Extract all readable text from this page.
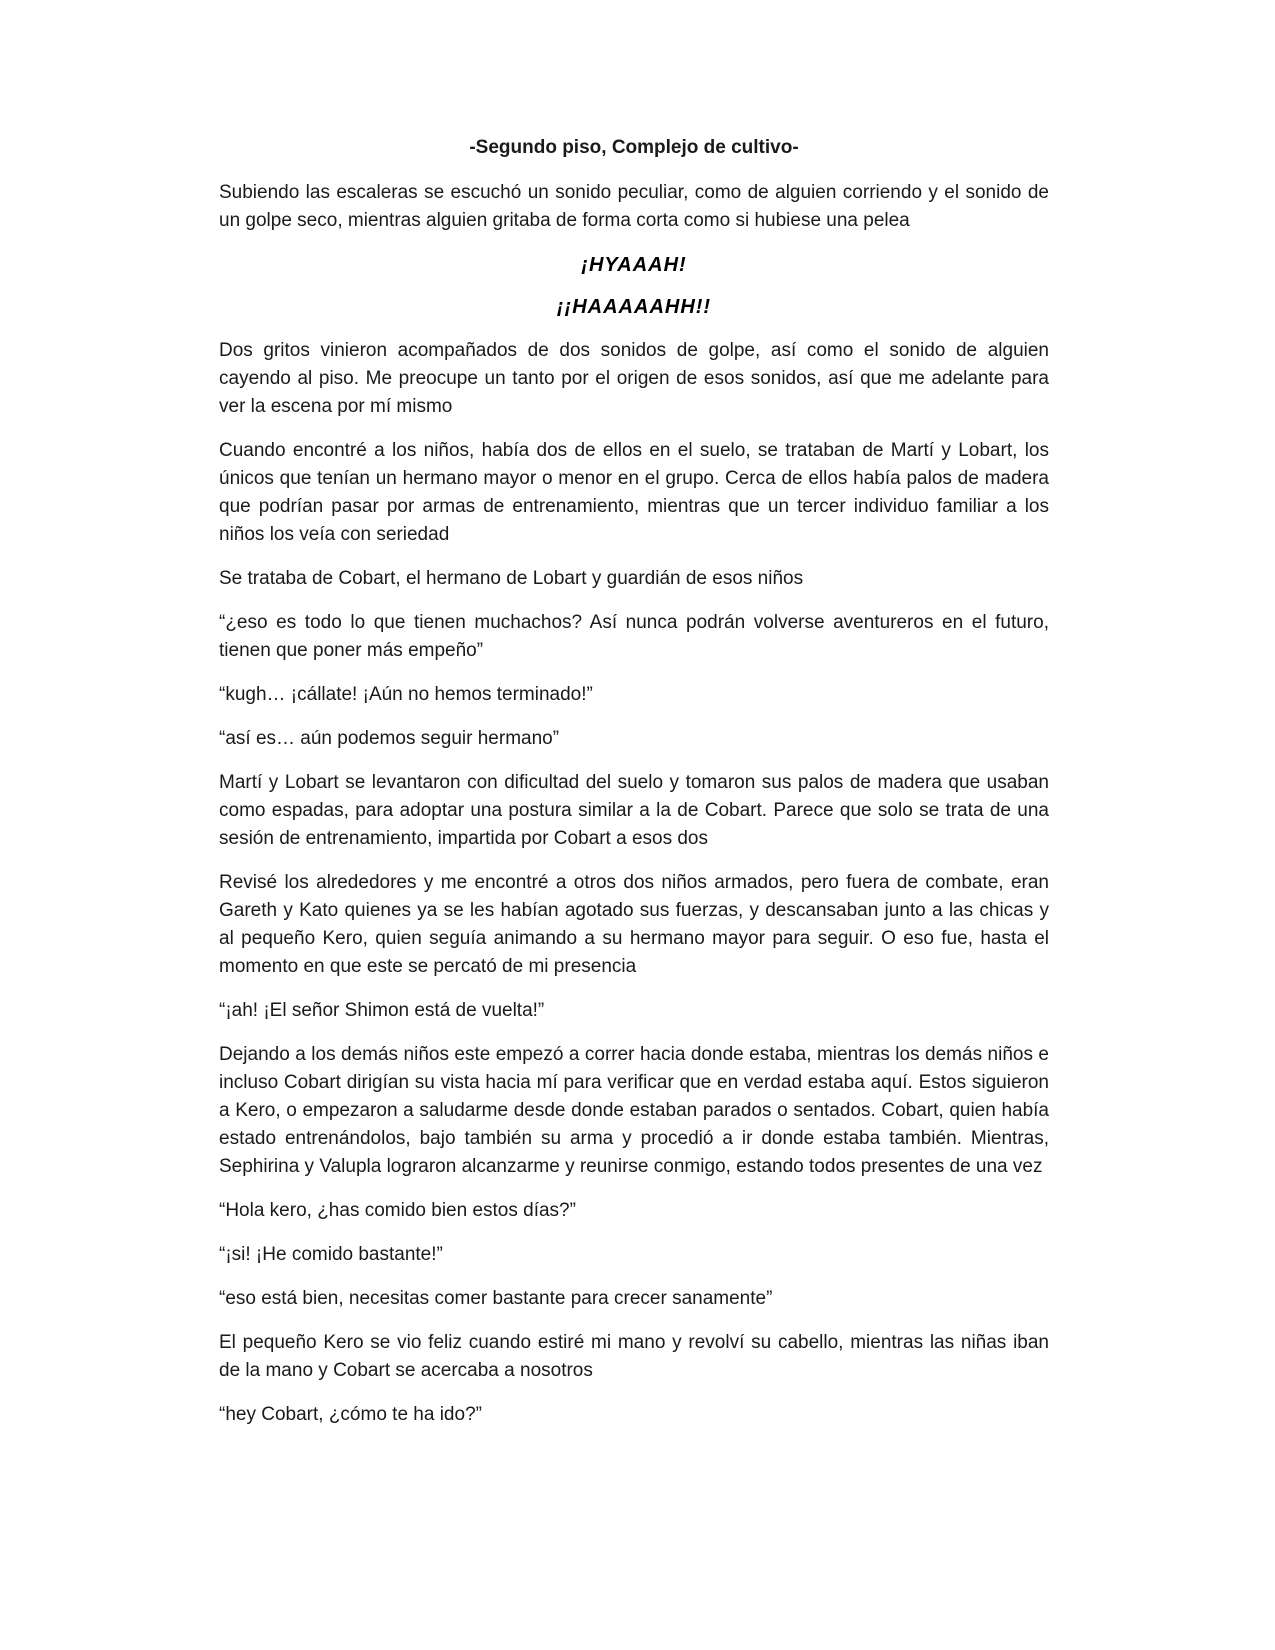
-Segundo piso, Complejo de cultivo-

Subiendo las escaleras se escuchó un sonido peculiar, como de alguien corriendo y el sonido de un golpe seco, mientras alguien gritaba de forma corta como si hubiese una pelea

¡HYAAAH!

¡¡HAAAAAHH!!

Dos gritos vinieron acompañados de dos sonidos de golpe, así como el sonido de alguien cayendo al piso. Me preocupe un tanto por el origen de esos sonidos, así que me adelante para ver la escena por mí mismo

Cuando encontré a los niños, había dos de ellos en el suelo, se trataban de Martí y Lobart, los únicos que tenían un hermano mayor o menor en el grupo. Cerca de ellos había palos de madera que podrían pasar por armas de entrenamiento, mientras que un tercer individuo familiar a los niños los veía con seriedad

Se trataba de Cobart, el hermano de Lobart y guardián de esos niños

“¿eso es todo lo que tienen muchachos? Así nunca podrán volverse aventureros en el futuro, tienen que poner más empeño”

“kugh… ¡cállate! ¡Aún no hemos terminado!”

“así es… aún podemos seguir hermano”

Martí y Lobart se levantaron con dificultad del suelo y tomaron sus palos de madera que usaban como espadas, para adoptar una postura similar a la de Cobart. Parece que solo se trata de una sesión de entrenamiento, impartida por Cobart a esos dos

Revisé los alrededores y me encontré a otros dos niños armados, pero fuera de combate, eran Gareth y Kato quienes ya se les habían agotado sus fuerzas, y descansaban junto a las chicas y al pequeño Kero, quien seguía animando a su hermano mayor para seguir. O eso fue, hasta el momento en que este se percató de mi presencia

“¡ah! ¡El señor Shimon está de vuelta!”

Dejando a los demás niños este empezó a correr hacia donde estaba, mientras los demás niños e incluso Cobart dirigían su vista hacia mí para verificar que en verdad estaba aquí. Estos siguieron a Kero, o empezaron a saludarme desde donde estaban parados o sentados. Cobart, quien había estado entrenándolos, bajo también su arma y procedió a ir donde estaba también. Mientras, Sephirina y Valupla lograron alcanzarme y reunirse conmigo, estando todos presentes de una vez

“Hola kero, ¿has comido bien estos días?”

“¡si! ¡He comido bastante!”

“eso está bien, necesitas comer bastante para crecer sanamente”

El pequeño Kero se vio feliz cuando estiré mi mano y revolví su cabello, mientras las niñas iban de la mano y Cobart se acercaba a nosotros

“hey Cobart, ¿cómo te ha ido?”
